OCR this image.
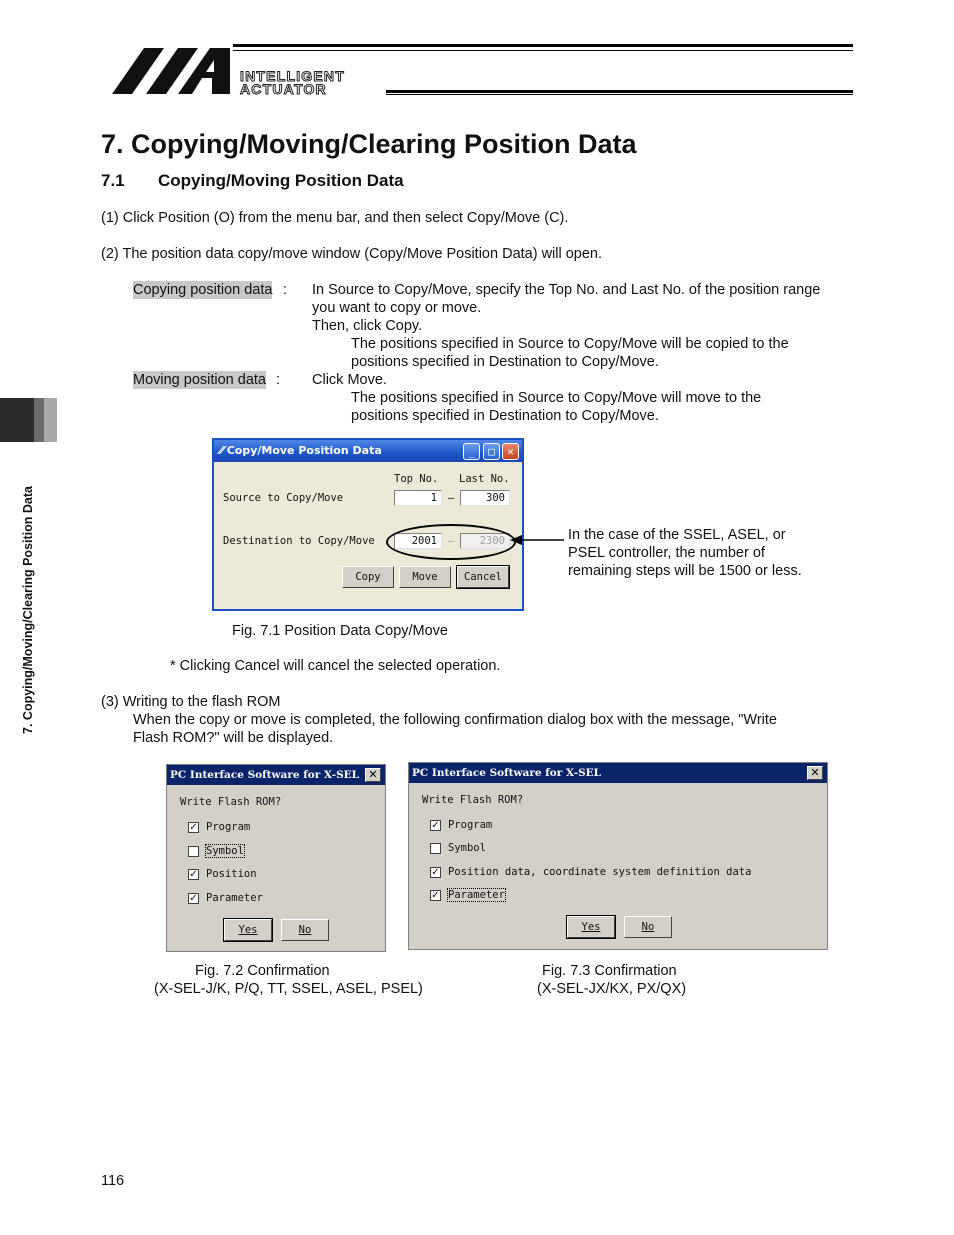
INTELLIGENT
ACTUATOR
7. Copying/Moving/Clearing Position Data
7. Copying/Moving/Clearing Position Data
7.1 Copying/Moving Position Data
(1) Click Position (O) from the menu bar, and then select Copy/Move (C).
(2) The position data copy/move window (Copy/Move Position Data) will open.
Copying position data : In Source to Copy/Move, specify the Top No. and Last No. of the position range
you want to copy or move.
Then, click Copy.
The positions specified in Source to Copy/Move will be copied to the
positions specified in Destination to Copy/Move.
Moving position data : Click Move.
The positions specified in Source to Copy/Move will move to the
positions specified in Destination to Copy/Move.
⁄⁄ Copy/Move Position Data	_	□	✕
Top No. Last No.
Source to Copy/Move	1	–	300
Destination to Copy/Move	2001	–	2300
Copy	Move	Cancel
In the case of the SSEL, ASEL, or
PSEL controller, the number of
remaining steps will be 1500 or less.
Fig. 7.1 Position Data Copy/Move
* Clicking Cancel will cancel the selected operation.
(3) Writing to the flash ROM
When the copy or move is completed, the following confirmation dialog box with the message, "Write
Flash ROM?" will be displayed.
PC Interface Software for X-SEL ✕
Write Flash ROM?
✓ Program
Symbol
✓ Position
✓ Parameter
Yes	No
PC Interface Software for X-SEL	✕
Write Flash ROM?
✓ Program
Symbol
✓ Position data, coordinate system definition data
✓ Parameter
Yes	No
Fig. 7.2 Confirmation
(X-SEL-J/K, P/Q, TT, SSEL, ASEL, PSEL)
Fig. 7.3 Confirmation
(X-SEL-JX/KX, PX/QX)
116
